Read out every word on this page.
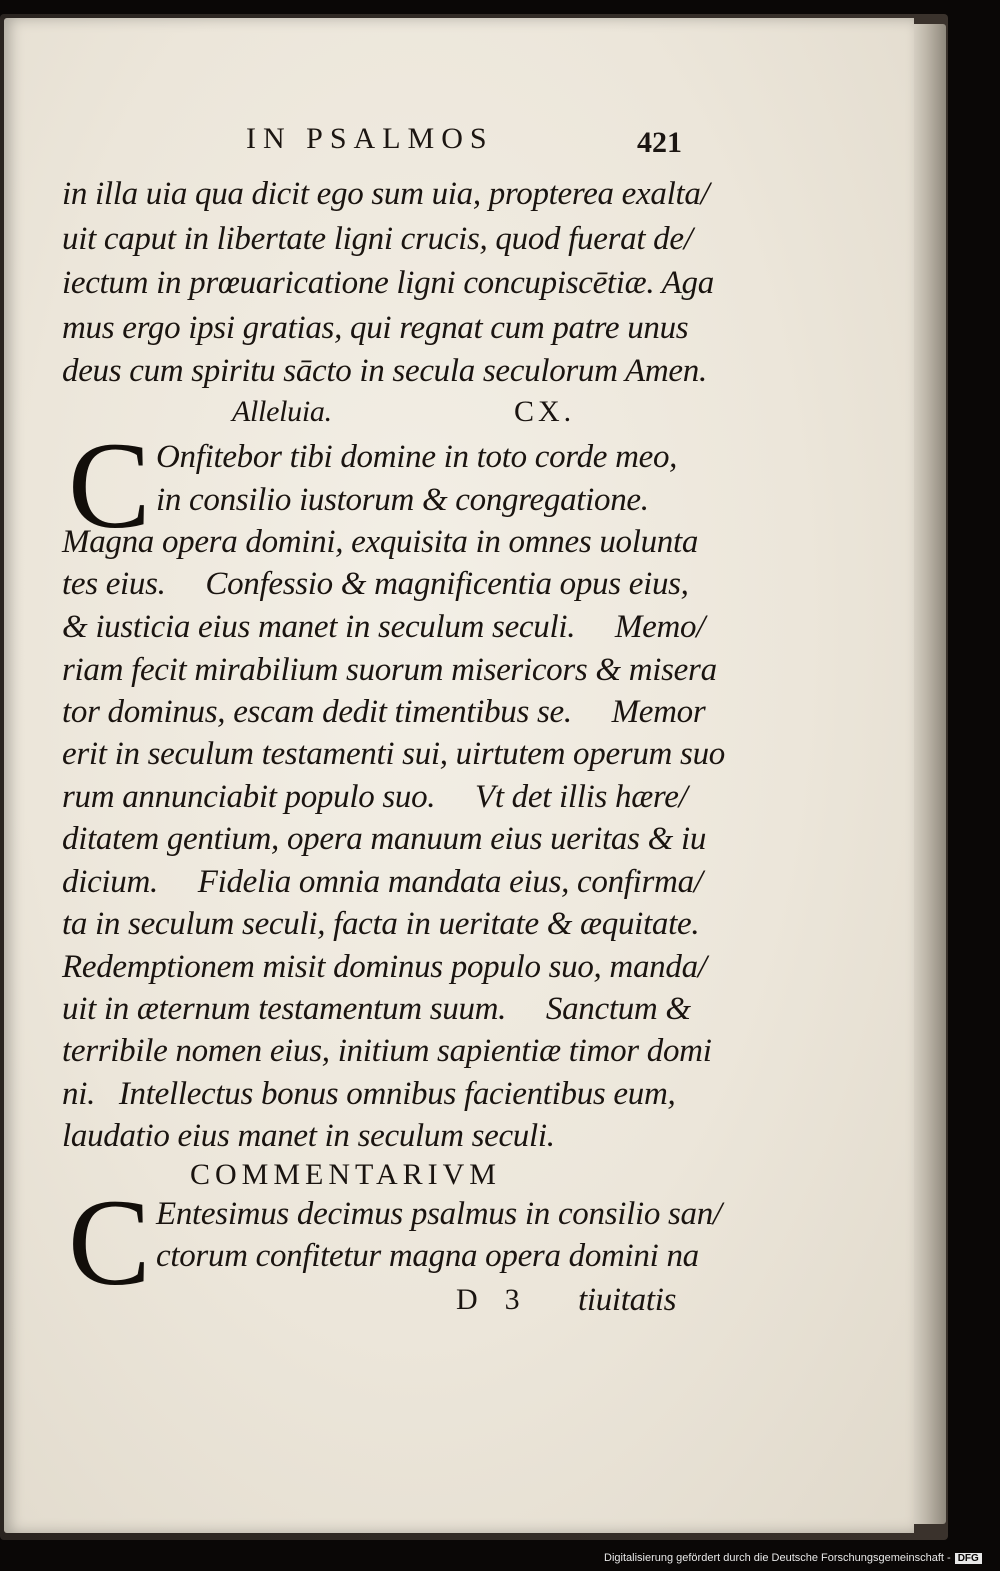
IN PSALMOS	421
in illa uia qua dicit ego sum uia, propterea exalta/
uit caput in libertate ligni crucis, quod fuerat de/
iectum in prœuaricatione ligni concupiscētiæ. Aga
mus ergo ipsi gratias, qui regnat cum patre unus
deus cum spiritu sācto in secula seculorum Amen.
Alleluia.	CX.
C Onfitebor tibi domine in toto corde meo,
in consilio iustorum & congregatione.
Magna opera domini, exquisita in omnes uolunta
tes eius.     Confessio & magnificentia opus eius,
& iusticia eius manet in seculum seculi.     Memo/
riam fecit mirabilium suorum misericors & misera
tor dominus, escam dedit timentibus se.     Memor
erit in seculum testamenti sui, uirtutem operum suo
rum annunciabit populo suo.     Vt det illis hære/
ditatem gentium, opera manuum eius ueritas & iu
dicium.     Fidelia omnia mandata eius, confirma/
ta in seculum seculi, facta in ueritate & æquitate.
Redemptionem misit dominus populo suo, manda/
uit in æternum testamentum suum.     Sanctum &
terribile nomen eius, initium sapientiæ timor domi
ni.   Intellectus bonus omnibus facientibus eum,
laudatio eius manet in seculum seculi.
COMMENTARIVM
C Entesimus decimus psalmus in consilio san/
ctorum confitetur magna opera domini na
D  3 tiuitatis
Digitalisierung gefördert durch die Deutsche Forschungsgemeinschaft - DFG
